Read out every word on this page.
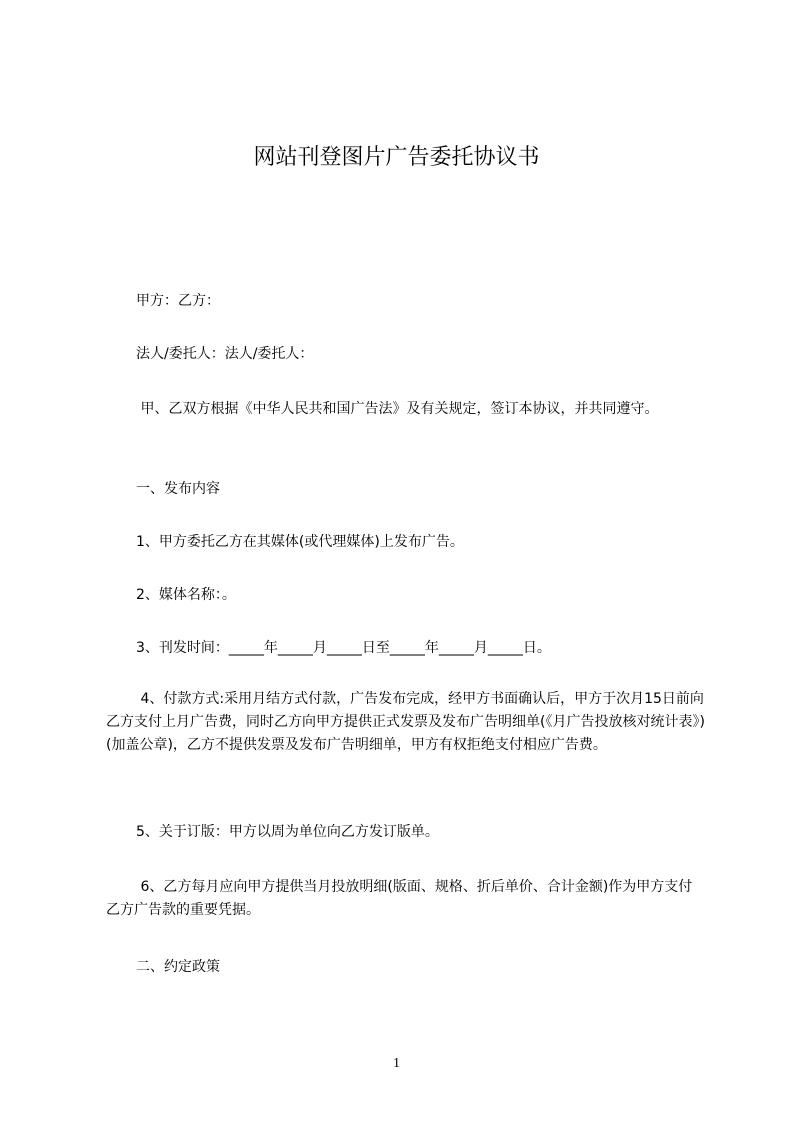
网站刊登图片广告委托协议书
甲方：乙方：
法人/委托人：法人/委托人：
甲、乙双方根据《中华人民共和国广告法》及有关规定，签订本协议，并共同遵守。
一、发布内容
1、甲方委托乙方在其媒体(或代理媒体)上发布广告。
2、媒体名称：。
3、刊发时间：_____年_____月_____日至_____年_____月_____日。
4、付款方式:采用月结方式付款，广告发布完成，经甲方书面确认后，甲方于次月15日前向乙方支付上月广告费，同时乙方向甲方提供正式发票及发布广告明细单(《月广告投放核对统计表》)(加盖公章)，乙方不提供发票及发布广告明细单，甲方有权拒绝支付相应广告费。
5、关于订版：甲方以周为单位向乙方发订版单。
6、乙方每月应向甲方提供当月投放明细(版面、规格、折后单价、合计金额)作为甲方支付乙方广告款的重要凭据。
二、约定政策
1
